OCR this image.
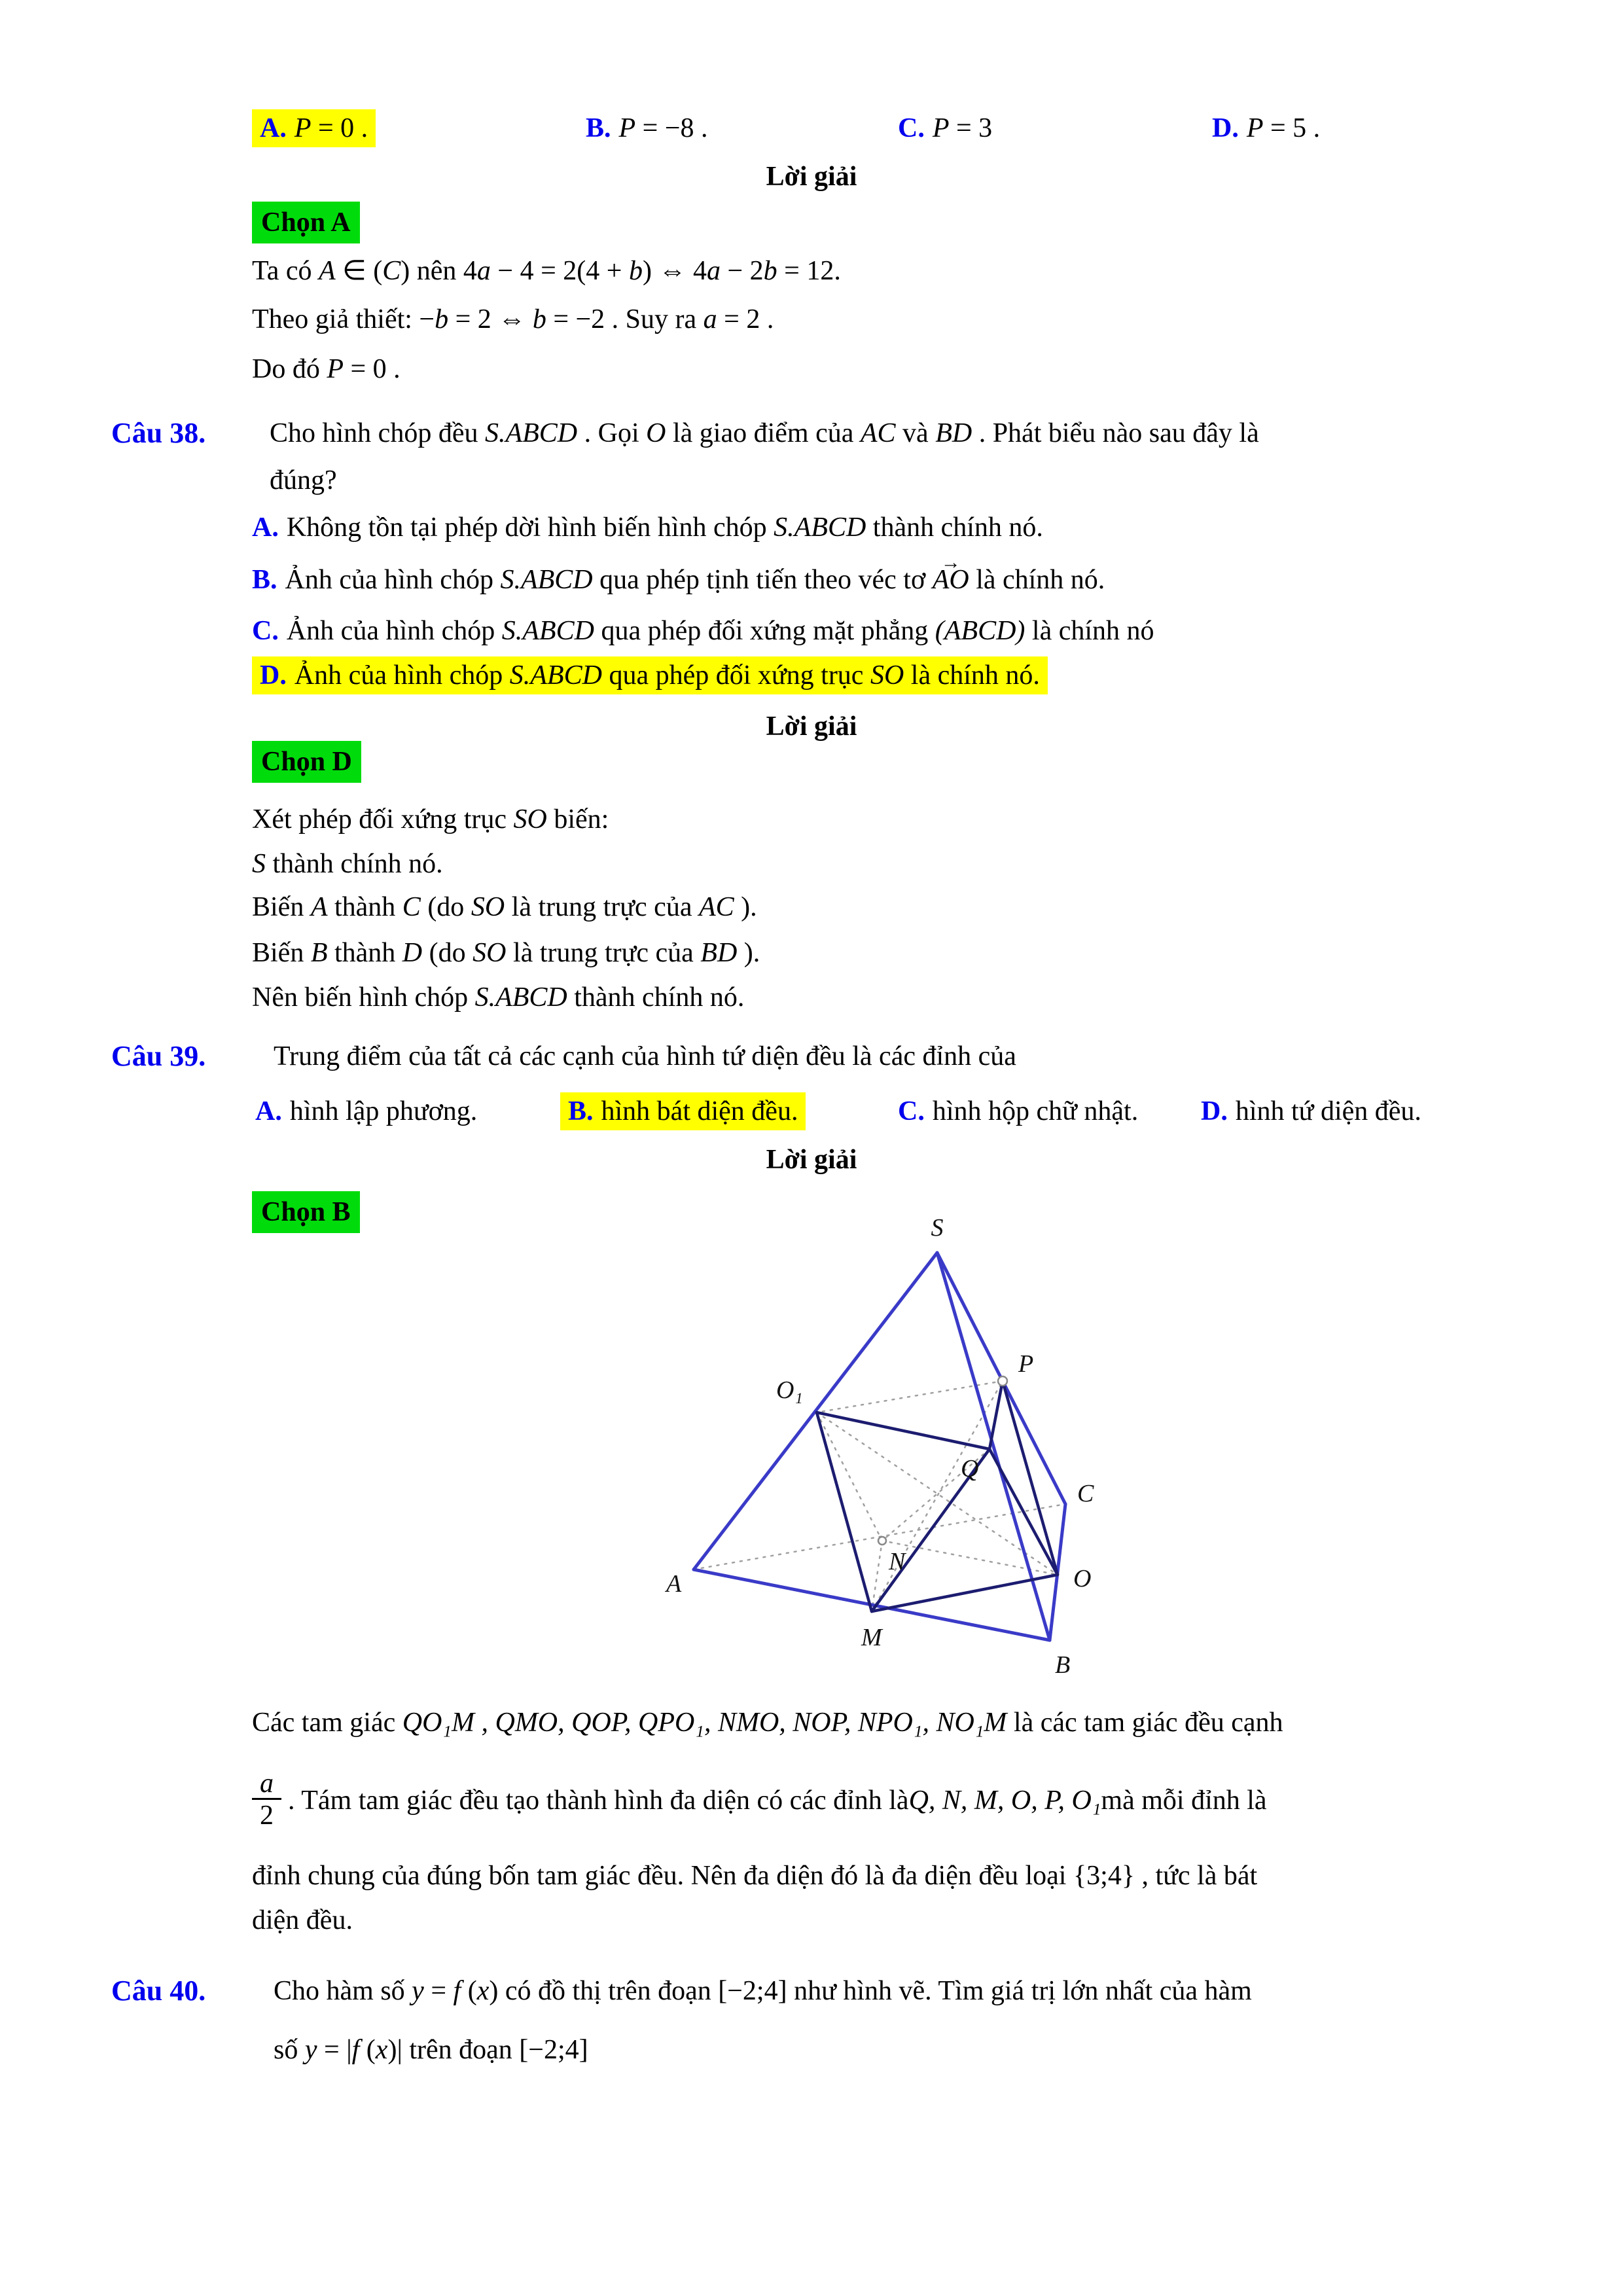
A. P = 0 .	B. P = −8 .	C. P = 3	D. P = 5 .
Lời giải
Chọn A
Ta có A ∈ (C) nên 4a − 4 = 2(4 + b) ⇔ 4a − 2b = 12.
Theo giả thiết: −b = 2 ⇔ b = −2 . Suy ra a = 2 .
Do đó P = 0 .
Câu 38. Cho hình chóp đều S.ABCD . Gọi O là giao điểm của AC và BD . Phát biểu nào sau đây là
đúng?
A. Không tồn tại phép dời hình biến hình chóp S.ABCD thành chính nó.
B. Ảnh của hình chóp S.ABCD qua phép tịnh tiến theo véc tơ → AO là chính nó.
C. Ảnh của hình chóp S.ABCD qua phép đối xứng mặt phẳng (ABCD) là chính nó
D. Ảnh của hình chóp S.ABCD qua phép đối xứng trục SO là chính nó.
Lời giải
Chọn D
Xét phép đối xứng trục SO biến:
S thành chính nó.
Biến A thành C (do SO là trung trực của AC ).
Biến B thành D (do SO là trung trực của BD ).
Nên biến hình chóp S.ABCD thành chính nó.
Câu 39. Trung điểm của tất cả các cạnh của hình tứ diện đều là các đỉnh của
A. hình lập phương.	B. hình bát diện đều.	C. hình hộp chữ nhật. D. hình tứ diện đều.
Lời giải
Chọn B
S
P
O₁
Q
C
N
A	O
M
B
Các tam giác QO₁M , QMO, QOP, QPO₁, NMO, NOP, NPO₁, NO₁M là các tam giác đều cạnh
$\frac{a}{2}$ . Tám tam giác đều tạo thành hình đa diện có các đỉnh là Q, N, M, O, P, O₁ mà mỗi đỉnh là
đỉnh chung của đúng bốn tam giác đều. Nên đa diện đó là đa diện đều loại {3;4} , tức là bát
diện đều.
Câu 40. Cho hàm số y = f (x) có đồ thị trên đoạn [−2;4] như hình vẽ. Tìm giá trị lớn nhất của hàm
số y = |f (x)| trên đoạn [−2;4]
